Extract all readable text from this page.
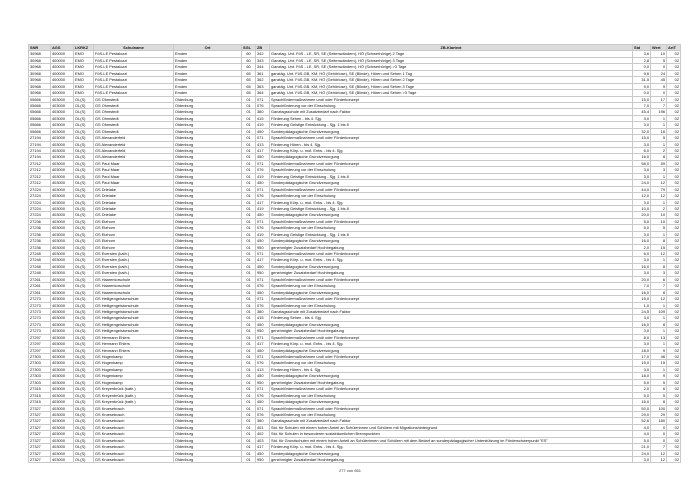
SNR	AGS	LKRKZ	Schulname	Ort	SGL	ZB	ZB-Klartext	Std	Wert	ArtT
30968	400000	EMO	FöS-LE Pestalozzi	Emden	60	342	Ganztag. Unt. FöS - LE, SR, SE (Seitenwändern), HÖ (Schwerhörige) 2 Tage	3,6	10	02
30968	400000	EMO	FöS-LE Pestalozzi	Emden	60	343	Ganztag. Unt. FöS - LE, SR, SE (Seitenwändern), HÖ (Schwerhörige) 3 Tage	2,8	5	02
30968	400000	EMO	FöS-LE Pestalozzi	Emden	60	344	Ganztag. Unt. FöS - LE, SR, SE (Seitenwändern), HÖ (Schwerhörige) >3 Tage	0,0	0	02
30968	400000	EMO	FöS-LE Pestalozzi	Emden	65	361	ganztäg. Unt. FöS-GB, KM, HÖ (Gehörlose), SE (Blinde), Hören und Sehen 1 Tag	9,6	24	02
30968	400000	EMO	FöS-LE Pestalozzi	Emden	65	362	ganztäg. Unt. FöS-GB, KM, HÖ (Gehörlose), SE (Blinde), Hören und Sehen 2 Tage	31,5	45	02
30968	400000	EMO	FöS-LE Pestalozzi	Emden	65	363	ganztäg. Unt. FöS-GB, KM, HÖ (Gehörlose), SE (Blinde), Hören und Sehen 3 Tage	9,0	9	02
30968	400000	EMO	FöS-LE Pestalozzi	Emden	65	364	ganztäg. Unt. FöS-GB, KM, HÖ (Gehörlose), SE (Blinde), Hören und Sehen >3 Tage	0,0	0	02
05666	403000	OL(S)	GS Ohmstedt	Oldenburg	01	071	Sprachfördermaßnahmen und/ oder Förderkonzept	15,0	17	02
05666	403000	OL(S)	GS Ohmstedt	Oldenburg	01	076	Sprachförderung vor der Einschulung	7,0	7	02
05666	403000	OL(S)	GS Ohmstedt	Oldenburg	01	380	Ganztagsschule mit Zusatzbedarf nach Faktor	45,4	196	02
05666	403000	OL(S)	GS Ohmstedt	Oldenburg	01	415	Förderung Sehen - bis 4. Sjg.	3,0	1	02
05666	403000	OL(S)	GS Ohmstedt	Oldenburg	01	419	Förderung Geistige Entwicklung - Sjg. 1 bis 8	3,0	1	02
05666	403000	OL(S)	GS Ohmstedt	Oldenburg	01	450	Sonderpädagogische Grundversorgung	32,0	16	02
27194	403000	OL(S)	GS Alexanderfeld	Oldenburg	01	071	Sprachfördermaßnahmen und/ oder Förderkonzept	15,0	5	02
27194	403000	OL(S)	GS Alexanderfeld	Oldenburg	01	413	Förderung Hören - bis 4. Sjg.	3,0	1	02
27194	403000	OL(S)	GS Alexanderfeld	Oldenburg	01	417	Förderung Körp. u. mot. Entw. - bis 4. Sjg.	6,0	2	02
27194	403000	OL(S)	GS Alexanderfeld	Oldenburg	01	450	Sonderpädagogische Grundversorgung	16,0	8	02
27212	403000	OL(S)	GS Paul Maar	Oldenburg	01	071	Sprachfördermaßnahmen und/ oder Förderkonzept	58,0	59	02
27212	403000	OL(S)	GS Paul Maar	Oldenburg	01	076	Sprachförderung vor der Einschulung	3,0	3	02
27212	403000	OL(S)	GS Paul Maar	Oldenburg	01	419	Förderung Geistige Entwicklung - Sjg. 1 bis 8	3,0	1	02
27212	403000	OL(S)	GS Paul Maar	Oldenburg	01	450	Sonderpädagogische Grundversorgung	24,0	12	02
27224	403000	OL(S)	GS Drielake	Oldenburg	01	071	Sprachfördermaßnahmen und/ oder Förderkonzept	44,0	79	02
27224	403000	OL(S)	GS Drielake	Oldenburg	01	076	Sprachförderung vor der Einschulung	12,0	12	02
27224	403000	OL(S)	GS Drielake	Oldenburg	01	417	Förderung Körp. u. mot. Entw. - bis 4. Sjg.	3,0	1	02
27224	403000	OL(S)	GS Drielake	Oldenburg	01	419	Förderung Geistige Entwicklung - Sjg. 1 bis 8	10,0	2	02
27224	403000	OL(S)	GS Drielake	Oldenburg	01	450	Sonderpädagogische Grundversorgung	20,0	10	02
27236	403000	OL(S)	GS Etzhorn	Oldenburg	01	071	Sprachfördermaßnahmen und/ oder Förderkonzept	5,0	10	02
27236	403000	OL(S)	GS Etzhorn	Oldenburg	01	076	Sprachförderung vor der Einschulung	5,0	5	02
27236	403000	OL(S)	GS Etzhorn	Oldenburg	01	419	Förderung Geistige Entwicklung - Sjg. 1 bis 8	3,0	1	02
27236	403000	OL(S)	GS Etzhorn	Oldenburg	01	450	Sonderpädagogische Grundversorgung	16,0	8	02
27236	403000	OL(S)	GS Etzhorn	Oldenburg	01	950	genehmigter Zusatzbedarf Hochbegabung	2,0	15	02
27248	403000	OL(S)	GS Eversten (kath.)	Oldenburg	01	071	Sprachfördermaßnahmen und/ oder Förderkonzept	6,0	12	02
27248	403000	OL(S)	GS Eversten (kath.)	Oldenburg	01	417	Förderung Körp. u. mot. Entw. - bis 4. Sjg.	3,0	1	02
27248	403000	OL(S)	GS Eversten (kath.)	Oldenburg	01	450	Sonderpädagogische Grundversorgung	16,0	8	02
27248	403000	OL(S)	GS Eversten (kath.)	Oldenburg	01	950	genehmigter Zusatzbedarf Hochbegabung	3,0	3	02
27261	403000	OL(S)	GS Haarentorschule	Oldenburg	01	071	Sprachfördermaßnahmen und/ oder Förderkonzept	20,0	6	02
27261	403000	OL(S)	GS Haarentorschule	Oldenburg	01	076	Sprachförderung vor der Einschulung	7,0	7	02
27261	403000	OL(S)	GS Haarentorschule	Oldenburg	01	450	Sonderpädagogische Grundversorgung	16,0	8	02
27273	403000	OL(S)	GS Heiligengeistorschule	Oldenburg	01	071	Sprachfördermaßnahmen und/ oder Förderkonzept	15,0	12	02
27273	403000	OL(S)	GS Heiligengeistorschule	Oldenburg	01	076	Sprachförderung vor der Einschulung	1,0	1	02
27273	403000	OL(S)	GS Heiligengeistorschule	Oldenburg	01	380	Ganztagsschule mit Zusatzbedarf nach Faktor	24,5	109	02
27273	403000	OL(S)	GS Heiligengeistorschule	Oldenburg	01	415	Förderung Sehen - bis 4. Sjg.	3,0	1	02
27273	403000	OL(S)	GS Heiligengeistorschule	Oldenburg	01	450	Sonderpädagogische Grundversorgung	16,0	8	02
27273	403000	OL(S)	GS Heiligengeistorschule	Oldenburg	01	950	genehmigter Zusatzbedarf Hochbegabung	3,0	1	02
27297	403000	OL(S)	GS Hermann Ehlers	Oldenburg	01	071	Sprachfördermaßnahmen und/ oder Förderkonzept	8,0	13	02
27297	403000	OL(S)	GS Hermann Ehlers	Oldenburg	01	417	Förderung Körp. u. mot. Entw. - bis 4. Sjg.	3,0	1	02
27297	403000	OL(S)	GS Hermann Ehlers	Oldenburg	01	450	Sonderpädagogische Grundversorgung	18,0	9	02
27303	403000	OL(S)	GS Hogenkamp	Oldenburg	01	071	Sprachfördermaßnahmen und/ oder Förderkonzept	17,0	46	02
27303	403000	OL(S)	GS Hogenkamp	Oldenburg	01	076	Sprachförderung vor der Einschulung	15,0	15	02
27303	403000	OL(S)	GS Hogenkamp	Oldenburg	01	413	Förderung Hören - bis 4. Sjg.	3,0	1	02
27303	403000	OL(S)	GS Hogenkamp	Oldenburg	01	450	Sonderpädagogische Grundversorgung	18,0	9	02
27303	403000	OL(S)	GS Hogenkamp	Oldenburg	01	950	genehmigter Zusatzbedarf Hochbegabung	5,0	5	02
27315	403000	OL(S)	GS Kreyenbrück (kath.)	Oldenburg	01	071	Sprachfördermaßnahmen und/ oder Förderkonzept	2,0	6	02
27315	403000	OL(S)	GS Kreyenbrück (kath.)	Oldenburg	01	076	Sprachförderung vor der Einschulung	5,0	5	02
27315	403000	OL(S)	GS Kreyenbrück (kath.)	Oldenburg	01	450	Sonderpädagogische Grundversorgung	16,0	8	02
27327	403000	OL(S)	GS Kruesebusch	Oldenburg	01	071	Sprachfördermaßnahmen und/ oder Förderkonzept	50,0	100	02
27327	403000	OL(S)	GS Kruesebusch	Oldenburg	01	076	Sprachförderung vor der Einschulung	29,0	29	02
27327	403000	OL(S)	GS Kruesebusch	Oldenburg	01	380	Ganztagsschule mit Zusatzbedarf nach Faktor	52,6	180	02
27327	403000	OL(S)	GS Kruesebusch	Oldenburg	01	401	Std. für Schulen mit einem hohen Anteil an Schülerinnen und Schülern mit Migrationshintergrund	4,0	0	02
27327	403000	OL(S)	GS Kruesebusch	Oldenburg	01	402	Std. für Schulen in besonderen sozialräumlichen Brennpunkten	4,0	0	02
27327	403000	OL(S)	GS Kruesebusch	Oldenburg	01	403	Std. für Grundschulen mit einem hohen Anteil an Schülerinnen und Schülern mit dem Bedarf an sonderpädagogischer Unterstützung im Förderschwerpunkt "ES"	5,0	0	02
27327	403000	OL(S)	GS Kruesebusch	Oldenburg	01	417	Förderung Körp. u. mot. Entw. - bis 4. Sjg.	21,0	7	02
27327	403000	OL(S)	GS Kruesebusch	Oldenburg	01	450	Sonderpädagogische Grundversorgung	24,0	12	02
27327	403000	OL(S)	GS Kruesebusch	Oldenburg	01	950	genehmigter Zusatzbedarf Hochbegabung	3,0	12	02
277 von 651
